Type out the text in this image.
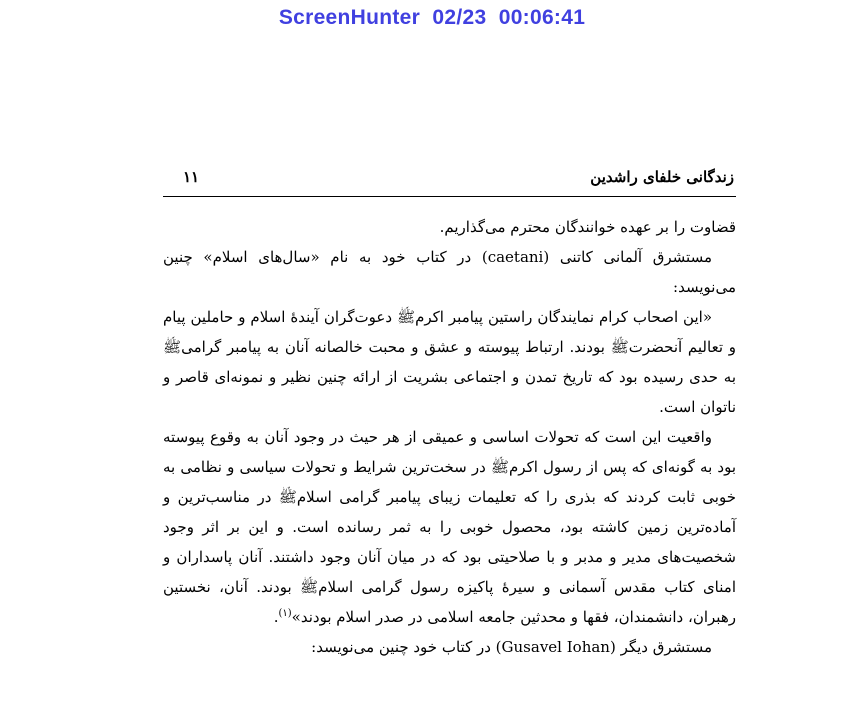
ScreenHunter  02/23  00:06:41
۱۱	زندگانی خلفای راشدین

قضاوت را بر عهده خوانندگان محترم می‌گذاریم.

مستشرق آلمانی کاتنی (caetani) در کتاب خود به نام «سال‌های اسلام» چنین می‌نویسد:

«این اصحاب کرام نمایندگان راستین پیامبر اکرمﷺ دعوت‌گران آیندۀ اسلام و حاملین پیام و تعالیم آنحضرتﷺ بودند. ارتباط پیوسته و عشق و محبت خالصانه آنان به پیامبر گرامیﷺ به حدی رسیده بود که تاریخ تمدن و اجتماعی بشریت از ارائه چنین نظیر و نمونه‌ای قاصر و ناتوان است.

واقعیت این است که تحولات اساسی و عمیقی از هر حیث در وجود آنان به وقوع پیوسته بود به گونه‌ای که پس از رسول اکرمﷺ در سخت‌ترین شرایط و تحولات سیاسی و نظامی به خوبی ثابت کردند که بذری را که تعلیمات زیبای پیامبر گرامی اسلامﷺ در مناسب‌ترین و آماده‌ترین زمین کاشته بود، محصول خوبی را به ثمر رسانده است. و این بر اثر وجود شخصیت‌های مدیر و مدبر و با صلاحیتی بود که در میان آنان وجود داشتند. آنان پاسداران و امنای کتاب مقدس آسمانی و سیرۀ پاکیزه رسول گرامی اسلامﷺ بودند. آنان، نخستین رهبران، دانشمندان، فقها و محدثین جامعه اسلامی در صدر اسلام بودند»$^{(۱)}$.

مستشرق دیگر (Gusavel Iohan) در کتاب خود چنین می‌نویسد:
